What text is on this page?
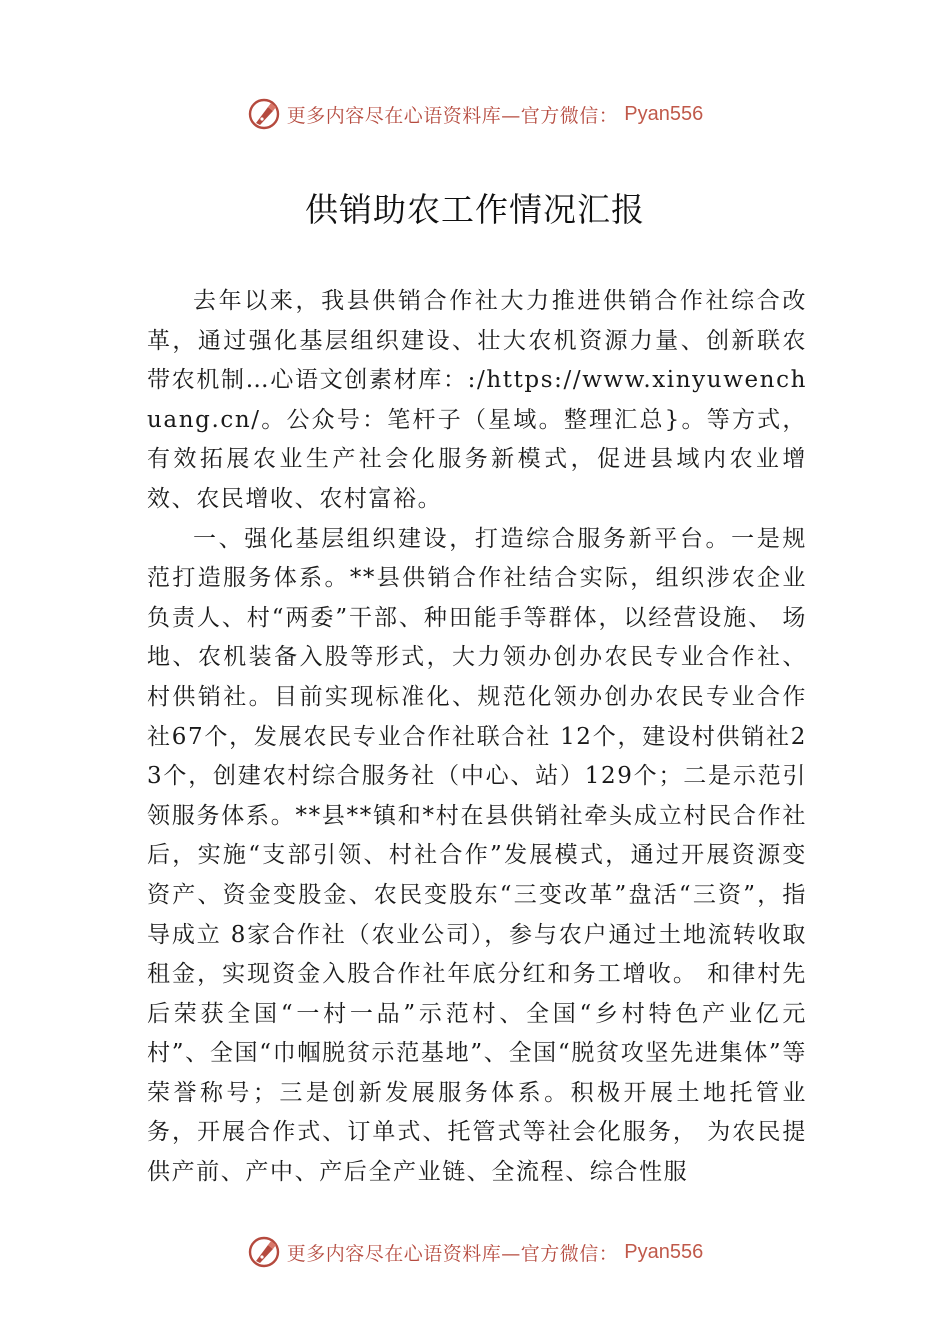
更多内容尽在心语资料库—官方微信： Pyan556
供销助农工作情况汇报

去年以来，我县供销合作社大力推进供销合作社综合改革，通过强化基层组织建设、壮大农机资源力量、创新联农带农机制…心语文创素材库：:/https://www.xinyuwenchuang.cn/。公众号：笔杆子（星域。整理汇总}。等方式，有效拓展农业生产社会化服务新模式，促进县域内农业增效、农民增收、农村富裕。

一、强化基层组织建设，打造综合服务新平台。一是规范打造服务体系。**县供销合作社结合实际，组织涉农企业负责人、村“两委”干部、种田能手等群体，以经营设施、 场地、农机装备入股等形式，大力领办创办农民专业合作社、村供销社。目前实现标准化、规范化领办创办农民专业合作社67个，发展农民专业合作社联合社 12个，建设村供销社23个，创建农村综合服务社（中心、站）129个；二是示范引领服务体系。**县**镇和*村在县供销社牵头成立村民合作社后，实施“支部引领、村社合作”发展模式，通过开展资源变资产、资金变股金、农民变股东“三变改革”盘活“三资”，指导成立 8家合作社（农业公司），参与农户通过土地流转收取租金，实现资金入股合作社年底分红和务工增收。 和律村先后荣获全国“一村一品”示范村、全国“乡村特色产业亿元村”、全国“巾帼脱贫示范基地”、全国“脱贫攻坚先进集体”等荣誉称号；三是创新发展服务体系。积极开展土地托管业务，开展合作式、订单式、托管式等社会化服务， 为农民提供产前、产中、产后全产业链、全流程、综合性服

更多内容尽在心语资料库—官方微信： Pyan556
